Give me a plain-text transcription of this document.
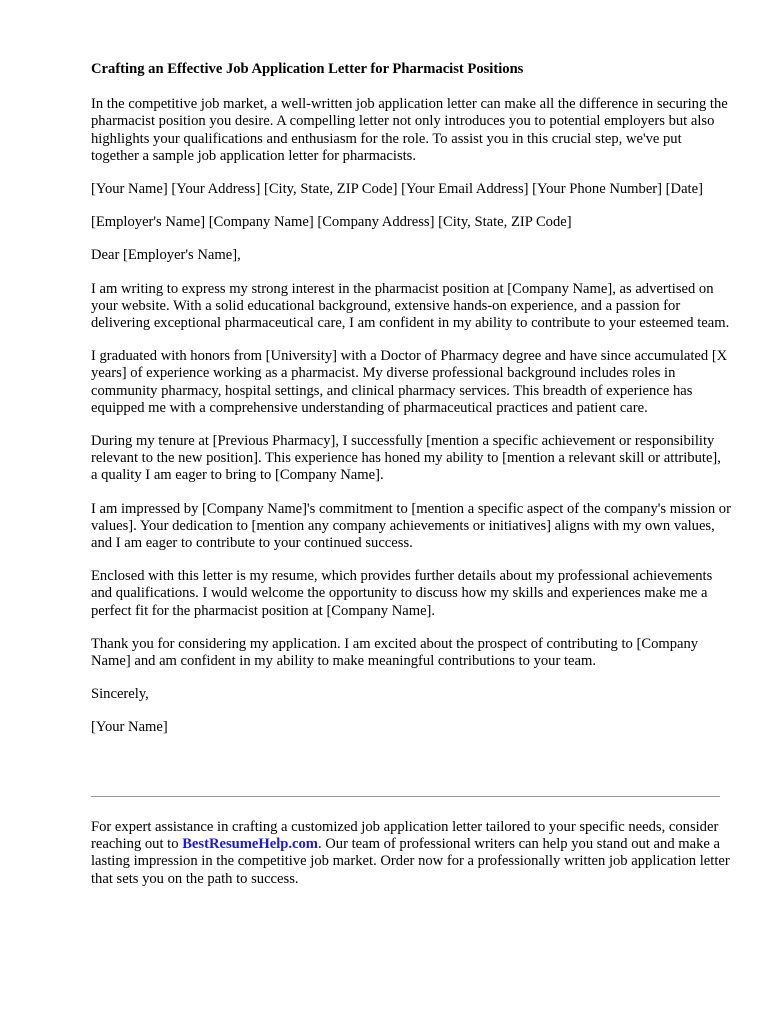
Crafting an Effective Job Application Letter for Pharmacist Positions

In the competitive job market, a well-written job application letter can make all the difference in securing the pharmacist position you desire. A compelling letter not only introduces you to potential employers but also highlights your qualifications and enthusiasm for the role. To assist you in this crucial step, we've put together a sample job application letter for pharmacists.

[Your Name] [Your Address] [City, State, ZIP Code] [Your Email Address] [Your Phone Number] [Date]

[Employer's Name] [Company Name] [Company Address] [City, State, ZIP Code]

Dear [Employer's Name],

I am writing to express my strong interest in the pharmacist position at [Company Name], as advertised on your website. With a solid educational background, extensive hands-on experience, and a passion for delivering exceptional pharmaceutical care, I am confident in my ability to contribute to your esteemed team.

I graduated with honors from [University] with a Doctor of Pharmacy degree and have since accumulated [X years] of experience working as a pharmacist. My diverse professional background includes roles in community pharmacy, hospital settings, and clinical pharmacy services. This breadth of experience has equipped me with a comprehensive understanding of pharmaceutical practices and patient care.

During my tenure at [Previous Pharmacy], I successfully [mention a specific achievement or responsibility relevant to the new position]. This experience has honed my ability to [mention a relevant skill or attribute], a quality I am eager to bring to [Company Name].

I am impressed by [Company Name]'s commitment to [mention a specific aspect of the company's mission or values]. Your dedication to [mention any company achievements or initiatives] aligns with my own values, and I am eager to contribute to your continued success.

Enclosed with this letter is my resume, which provides further details about my professional achievements and qualifications. I would welcome the opportunity to discuss how my skills and experiences make me a perfect fit for the pharmacist position at [Company Name].

Thank you for considering my application. I am excited about the prospect of contributing to [Company Name] and am confident in my ability to make meaningful contributions to your team.

Sincerely,

[Your Name]

For expert assistance in crafting a customized job application letter tailored to your specific needs, consider reaching out to BestResumeHelp.com. Our team of professional writers can help you stand out and make a lasting impression in the competitive job market. Order now for a professionally written job application letter that sets you on the path to success.
